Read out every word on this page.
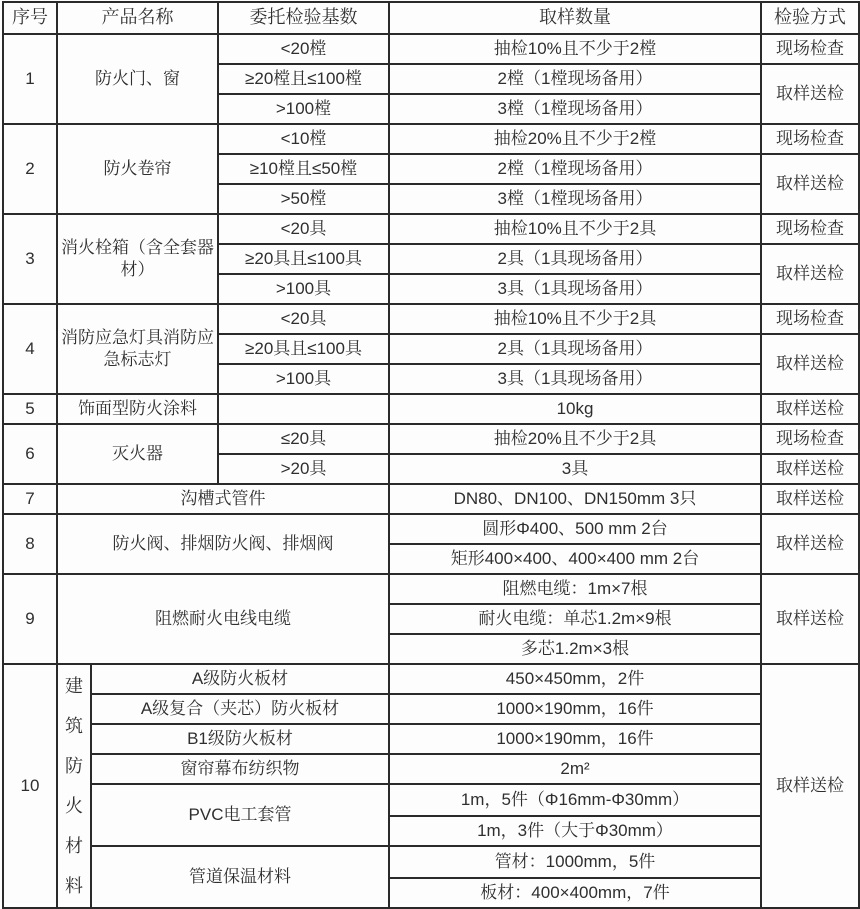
序号	产品名称		委托检验基数	取样数量	检验方式
1	防火门、窗		<20樘	抽检10%且不少于2樘	现场检查
			≥20樘且≤100樘	2樘（1樘现场备用）	取样送检
			>100樘	3樘（1樘现场备用）	
2	防火卷帘		<10樘	抽检20%且不少于2樘	现场检查
			≥10樘且≤50樘	2樘（1樘现场备用）	取样送检
			>50樘	3樘（1樘现场备用）	
3	消火栓箱（含全套器材）		<20具	抽检10%且不少于2具	现场检查
			≥20具且≤100具	2具（1具现场备用）	取样送检
			>100具	3具（1具现场备用）	
4	消防应急灯具消防应急标志灯		<20具	抽检10%且不少于2具	现场检查
			≥20具且≤100具	2具（1具现场备用）	取样送检
			>100具	3具（1具现场备用）	
5	饰面型防火涂料			10kg	取样送检
6	灭火器		≤20具	抽检20%且不少于2具	现场检查
			>20具	3具	取样送检
7	沟槽式管件			DN80、DN100、DN150mm 3只	取样送检
8	防火阀、排烟防火阀、排烟阀			圆形Φ400、500 mm 2台	取样送检
				矩形400×400、400×400 mm 2台	
9	阻燃耐火电线电缆			阻燃电缆：1m×7根	取样送检
				耐火电缆：单芯1.2m×9根	
				多芯1.2m×3根	
10	建筑防火材料	A级防火板材		450×450mm，2件	取样送检
		A级复合（夹芯）防火板材		1000×190mm，16件	
		B1级防火板材		1000×190mm，16件	
		窗帘幕布纺织物		2m²	
		PVC电工套管		1m，5件（Φ16mm-Φ30mm）	
				1m，3件（大于Φ30mm）	
		管道保温材料		管材：1000mm，5件	
				板材：400×400mm，7件	
